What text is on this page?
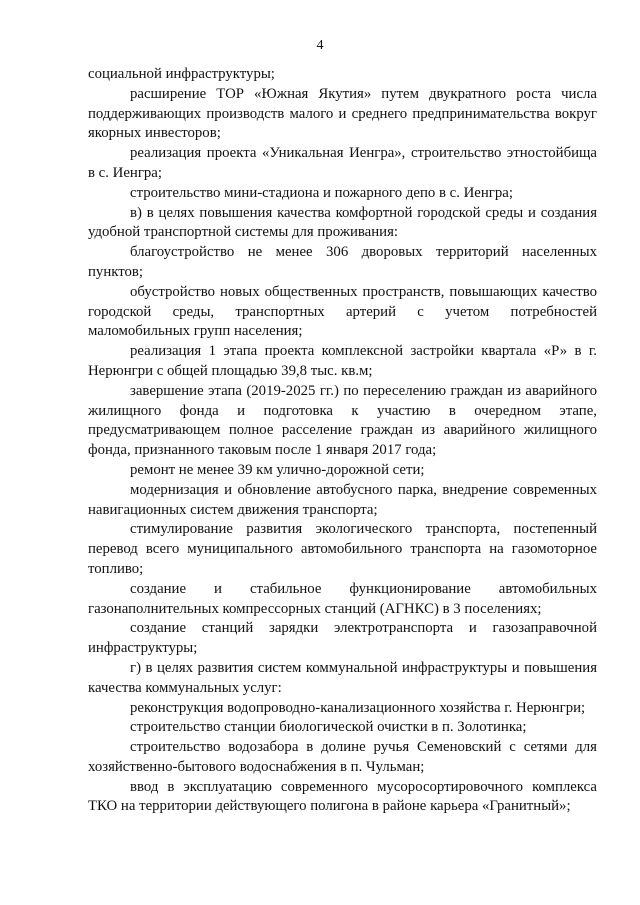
4

социальной инфраструктуры;

расширение ТОР «Южная Якутия» путем двукратного роста числа поддерживающих производств малого и среднего предпринимательства вокруг якорных инвесторов;

реализация проекта «Уникальная Иенгра», строительство этностойбища в с. Иенгра;

строительство мини-стадиона и пожарного депо в с. Иенгра;

в) в целях повышения качества комфортной городской среды и создания удобной транспортной системы для проживания:

благоустройство не менее 306 дворовых территорий населенных пунктов;

обустройство новых общественных пространств, повышающих качество городской среды, транспортных артерий с учетом потребностей маломобильных групп населения;

реализация 1 этапа проекта комплексной застройки квартала «Р» в г. Нерюнгри с общей площадью 39,8 тыс. кв.м;

завершение этапа (2019-2025 гг.) по переселению граждан из аварийного жилищного фонда и подготовка к участию в очередном этапе, предусматривающем полное расселение граждан из аварийного жилищного фонда, признанного таковым после 1 января 2017 года;

ремонт не менее 39 км улично-дорожной сети;

модернизация и обновление автобусного парка, внедрение современных навигационных систем движения транспорта;

стимулирование развития экологического транспорта, постепенный перевод всего муниципального автомобильного транспорта на газомоторное топливо;

создание и стабильное функционирование автомобильных газонаполнительных компрессорных станций (АГНКС) в 3 поселениях;

создание станций зарядки электротранспорта и газозаправочной инфраструктуры;

г) в целях развития систем коммунальной инфраструктуры и повышения качества коммунальных услуг:

реконструкция водопроводно-канализационного хозяйства г. Нерюнгри;

строительство станции биологической очистки в п. Золотинка;

строительство водозабора в долине ручья Семеновский с сетями для хозяйственно-бытового водоснабжения в п. Чульман;

ввод в эксплуатацию современного мусоросортировочного комплекса ТКО на территории действующего полигона в районе карьера «Гранитный»;
